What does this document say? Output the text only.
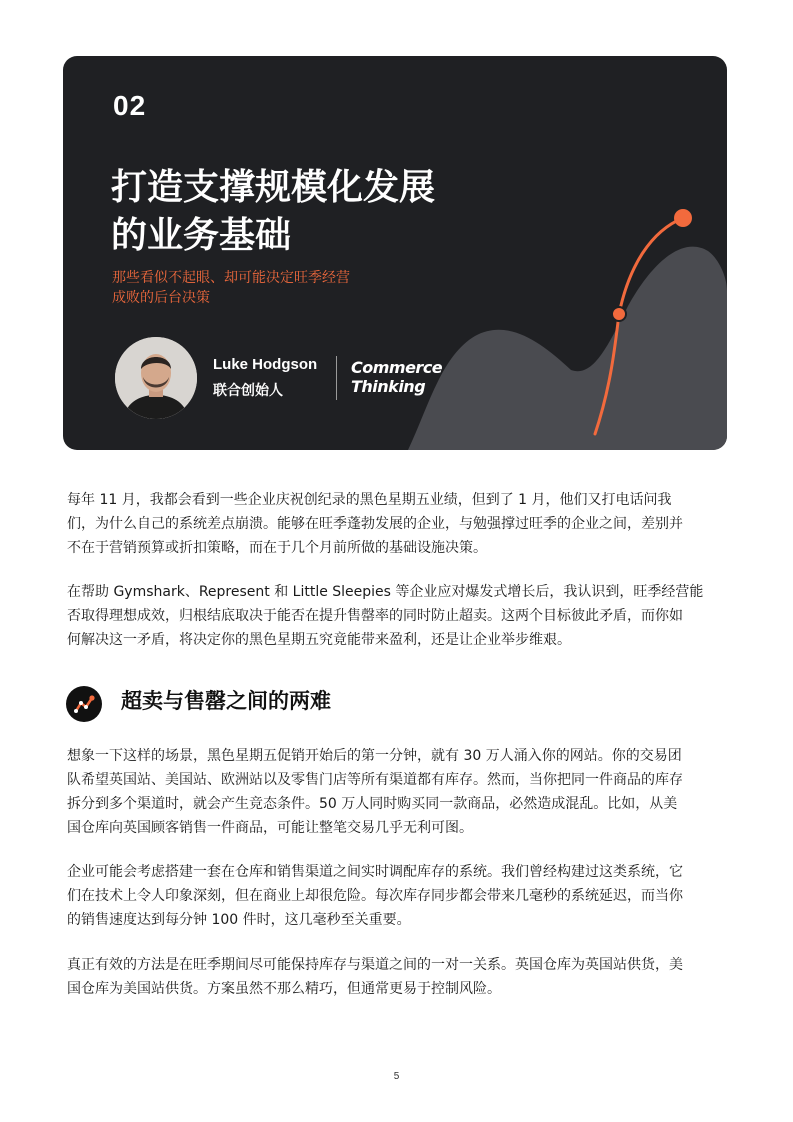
02
打造支撑规模化发展
的业务基础
那些看似不起眼、却可能决定旺季经营
成败的后台决策
Luke Hodgson
联合创始人
Commerce
Thinking
每年 11 月，我都会看到一些企业庆祝创纪录的黑色星期五业绩，但到了 1 月，他们又打电话问我
们，为什么自己的系统差点崩溃。能够在旺季蓬勃发展的企业，与勉强撑过旺季的企业之间，差别并
不在于营销预算或折扣策略，而在于几个月前所做的基础设施决策。
在帮助 Gymshark、Represent 和 Little Sleepies 等企业应对爆发式增长后，我认识到，旺季经营能
否取得理想成效，归根结底取决于能否在提升售罄率的同时防止超卖。这两个目标彼此矛盾，而你如
何解决这一矛盾，将决定你的黑色星期五究竟能带来盈利，还是让企业举步维艰。
超卖与售罄之间的两难
想象一下这样的场景，黑色星期五促销开始后的第一分钟，就有 30 万人涌入你的网站。你的交易团
队希望英国站、美国站、欧洲站以及零售门店等所有渠道都有库存。然而，当你把同一件商品的库存
拆分到多个渠道时，就会产生竞态条件。50 万人同时购买同一款商品，必然造成混乱。比如，从美
国仓库向英国顾客销售一件商品，可能让整笔交易几乎无利可图。
企业可能会考虑搭建一套在仓库和销售渠道之间实时调配库存的系统。我们曾经构建过这类系统，它
们在技术上令人印象深刻，但在商业上却很危险。每次库存同步都会带来几毫秒的系统延迟，而当你
的销售速度达到每分钟 100 件时，这几毫秒至关重要。
真正有效的方法是在旺季期间尽可能保持库存与渠道之间的一对一关系。英国仓库为英国站供货，美
国仓库为美国站供货。方案虽然不那么精巧，但通常更易于控制风险。
5
